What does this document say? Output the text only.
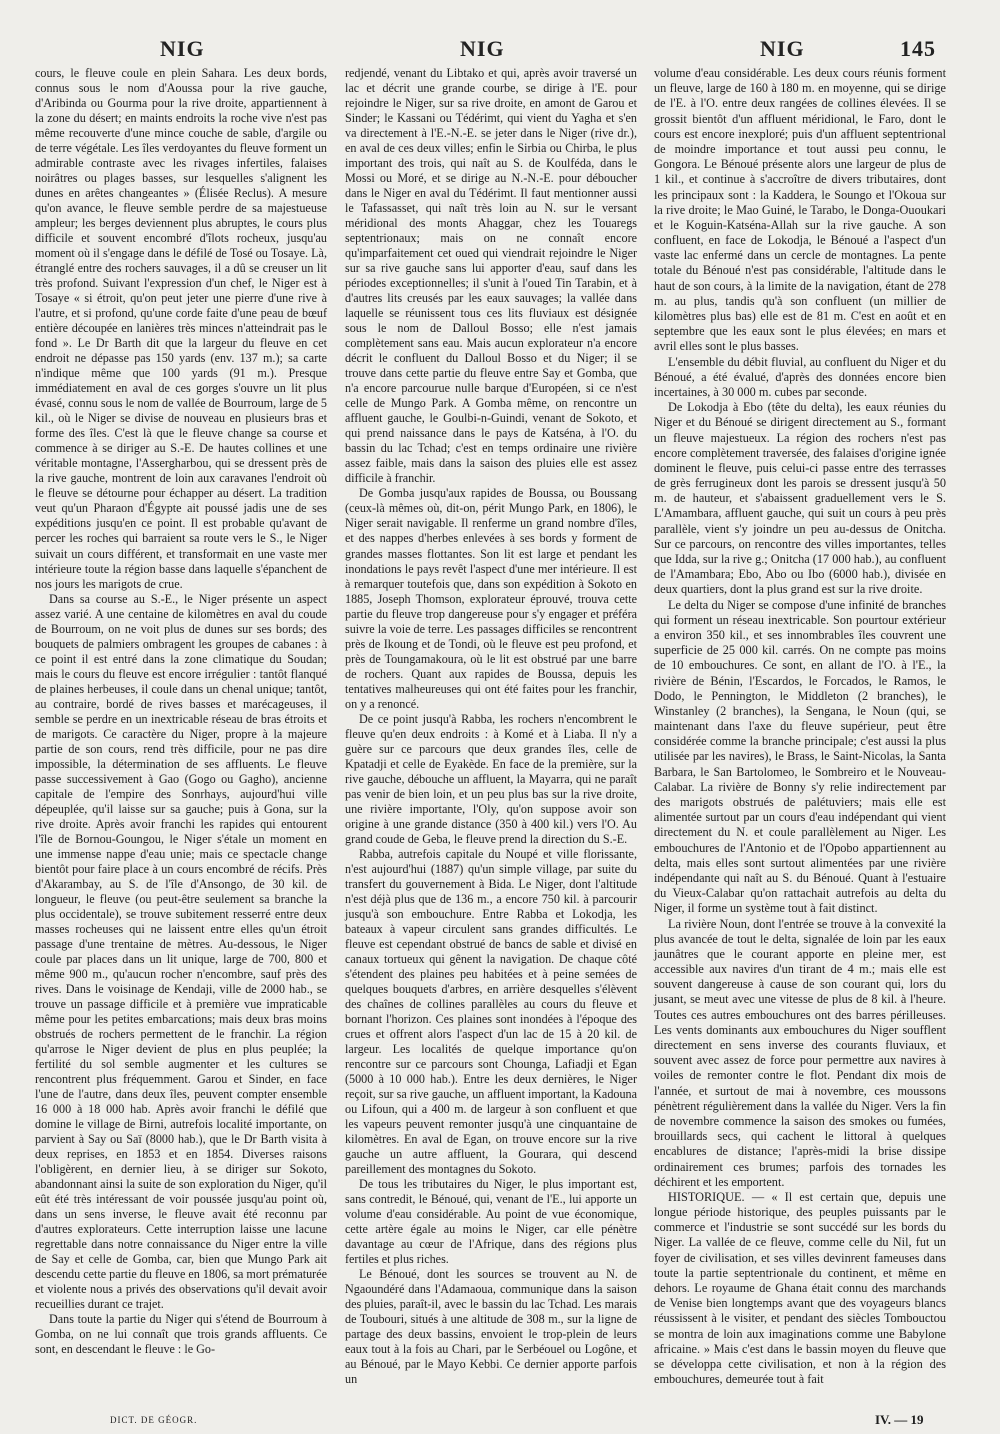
NIG	NIG	NIG	145

cours, le fleuve coule en plein Sahara. Les deux bords, connus sous le nom d'Aoussa pour la rive gauche, d'Aribinda ou Gourma pour la rive droite, appartiennent à la zone du désert; en maints endroits la roche vive n'est pas même recouverte d'une mince couche de sable, d'argile ou de terre végétale. Les îles verdoyantes du fleuve forment un admirable contraste avec les rivages infertiles, falaises noirâtres ou plages basses, sur lesquelles s'alignent les dunes en arêtes changeantes » (Élisée Reclus). A mesure qu'on avance, le fleuve semble perdre de sa majestueuse ampleur; les berges deviennent plus abruptes, le cours plus difficile et souvent encombré d'îlots rocheux, jusqu'au moment où il s'engage dans le défilé de Tosé ou Tosaye. Là, étranglé entre des rochers sauvages, il a dû se creuser un lit très profond. Suivant l'expression d'un chef, le Niger est à Tosaye « si étroit, qu'on peut jeter une pierre d'une rive à l'autre, et si profond, qu'une corde faite d'une peau de bœuf entière découpée en lanières très minces n'atteindrait pas le fond ». Le Dr Barth dit que la largeur du fleuve en cet endroit ne dépasse pas 150 yards (env. 137 m.); sa carte n'indique même que 100 yards (91 m.). Presque immédiatement en aval de ces gorges s'ouvre un lit plus évasé, connu sous le nom de vallée de Bourroum, large de 5 kil., où le Niger se divise de nouveau en plusieurs bras et forme des îles. C'est là que le fleuve change sa course et commence à se diriger au S.-E. De hautes collines et une véritable montagne, l'Assergharbou, qui se dressent près de la rive gauche, montrent de loin aux caravanes l'endroit où le fleuve se détourne pour échapper au désert. La tradition veut qu'un Pharaon d'Égypte ait poussé jadis une de ses expéditions jusqu'en ce point. Il est probable qu'avant de percer les roches qui barraient sa route vers le S., le Niger suivait un cours différent, et transformait en une vaste mer intérieure toute la région basse dans laquelle s'épanchent de nos jours les marigots de crue.

Dans sa course au S.-E., le Niger présente un aspect assez varié. A une centaine de kilomètres en aval du coude de Bourroum, on ne voit plus de dunes sur ses bords; des bouquets de palmiers ombragent les groupes de cabanes : à ce point il est entré dans la zone climatique du Soudan; mais le cours du fleuve est encore irrégulier : tantôt flanqué de plaines herbeuses, il coule dans un chenal unique; tantôt, au contraire, bordé de rives basses et marécageuses, il semble se perdre en un inextricable réseau de bras étroits et de marigots. Ce caractère du Niger, propre à la majeure partie de son cours, rend très difficile, pour ne pas dire impossible, la détermination de ses affluents. Le fleuve passe successivement à Gao (Gogo ou Gagho), ancienne capitale de l'empire des Sonrhays, aujourd'hui ville dépeuplée, qu'il laisse sur sa gauche; puis à Gona, sur la rive droite. Après avoir franchi les rapides qui entourent l'île de Bornou-Goungou, le Niger s'étale un moment en une immense nappe d'eau unie; mais ce spectacle change bientôt pour faire place à un cours encombré de récifs. Près d'Akarambay, au S. de l'île d'Ansongo, de 30 kil. de longueur, le fleuve (ou peut-être seulement sa branche la plus occidentale), se trouve subitement resserré entre deux masses rocheuses qui ne laissent entre elles qu'un étroit passage d'une trentaine de mètres. Au-dessous, le Niger coule par places dans un lit unique, large de 700, 800 et même 900 m., qu'aucun rocher n'encombre, sauf près des rives. Dans le voisinage de Kendaji, ville de 2000 hab., se trouve un passage difficile et à première vue impraticable même pour les petites embarcations; mais deux bras moins obstrués de rochers permettent de le franchir. La région qu'arrose le Niger devient de plus en plus peuplée; la fertilité du sol semble augmenter et les cultures se rencontrent plus fréquemment. Garou et Sinder, en face l'une de l'autre, dans deux îles, peuvent compter ensemble 16 000 à 18 000 hab. Après avoir franchi le défilé que domine le village de Birni, autrefois localité importante, on parvient à Say ou Saï (8000 hab.), que le Dr Barth visita à deux reprises, en 1853 et en 1854. Diverses raisons l'obligèrent, en dernier lieu, à se diriger sur Sokoto, abandonnant ainsi la suite de son exploration du Niger, qu'il eût été très intéressant de voir poussée jusqu'au point où, dans un sens inverse, le fleuve avait été reconnu par d'autres explorateurs. Cette interruption laisse une lacune regrettable dans notre connaissance du Niger entre la ville de Say et celle de Gomba, car, bien que Mungo Park ait descendu cette partie du fleuve en 1806, sa mort prématurée et violente nous a privés des observations qu'il devait avoir recueillies durant ce trajet.

Dans toute la partie du Niger qui s'étend de Bourroum à Gomba, on ne lui connaît que trois grands affluents. Ce sont, en descendant le fleuve : le Go-

redjendé, venant du Libtako et qui, après avoir traversé un lac et décrit une grande courbe, se dirige à l'E. pour rejoindre le Niger, sur sa rive droite, en amont de Garou et Sinder; le Kassani ou Tédérimt, qui vient du Yagha et s'en va directement à l'E.-N.-E. se jeter dans le Niger (rive dr.), en aval de ces deux villes; enfin le Sirbia ou Chirba, le plus important des trois, qui naît au S. de Koulféda, dans le Mossi ou Moré, et se dirige au N.-N.-E. pour déboucher dans le Niger en aval du Tédérimt. Il faut mentionner aussi le Tafassasset, qui naît très loin au N. sur le versant méridional des monts Ahaggar, chez les Touaregs septentrionaux; mais on ne connaît encore qu'imparfaitement cet oued qui viendrait rejoindre le Niger sur sa rive gauche sans lui apporter d'eau, sauf dans les périodes exceptionnelles; il s'unit à l'oued Tin Tarabin, et à d'autres lits creusés par les eaux sauvages; la vallée dans laquelle se réunissent tous ces lits fluviaux est désignée sous le nom de Dalloul Bosso; elle n'est jamais complètement sans eau. Mais aucun explorateur n'a encore décrit le confluent du Dalloul Bosso et du Niger; il se trouve dans cette partie du fleuve entre Say et Gomba, que n'a encore parcourue nulle barque d'Européen, si ce n'est celle de Mungo Park. A Gomba même, on rencontre un affluent gauche, le Goulbi-n-Guindi, venant de Sokoto, et qui prend naissance dans le pays de Katséna, à l'O. du bassin du lac Tchad; c'est en temps ordinaire une rivière assez faible, mais dans la saison des pluies elle est assez difficile à franchir.

De Gomba jusqu'aux rapides de Boussa, ou Boussang (ceux-là mêmes où, dit-on, périt Mungo Park, en 1806), le Niger serait navigable. Il renferme un grand nombre d'îles, et des nappes d'herbes enlevées à ses bords y forment de grandes masses flottantes. Son lit est large et pendant les inondations le pays revêt l'aspect d'une mer intérieure. Il est à remarquer toutefois que, dans son expédition à Sokoto en 1885, Joseph Thomson, explorateur éprouvé, trouva cette partie du fleuve trop dangereuse pour s'y engager et préféra suivre la voie de terre. Les passages difficiles se rencontrent près de Ikoung et de Tondi, où le fleuve est peu profond, et près de Toungamakoura, où le lit est obstrué par une barre de rochers. Quant aux rapides de Boussa, depuis les tentatives malheureuses qui ont été faites pour les franchir, on y a renoncé.

De ce point jusqu'à Rabba, les rochers n'encombrent le fleuve qu'en deux endroits : à Komé et à Liaba. Il n'y a guère sur ce parcours que deux grandes îles, celle de Kpatadji et celle de Eyakède. En face de la première, sur la rive gauche, débouche un affluent, la Mayarra, qui ne paraît pas venir de bien loin, et un peu plus bas sur la rive droite, une rivière importante, l'Oly, qu'on suppose avoir son origine à une grande distance (350 à 400 kil.) vers l'O. Au grand coude de Geba, le fleuve prend la direction du S.-E.

Rabba, autrefois capitale du Noupé et ville florissante, n'est aujourd'hui (1887) qu'un simple village, par suite du transfert du gouvernement à Bida. Le Niger, dont l'altitude n'est déjà plus que de 136 m., a encore 750 kil. à parcourir jusqu'à son embouchure. Entre Rabba et Lokodja, les bateaux à vapeur circulent sans grandes difficultés. Le fleuve est cependant obstrué de bancs de sable et divisé en canaux tortueux qui gênent la navigation. De chaque côté s'étendent des plaines peu habitées et à peine semées de quelques bouquets d'arbres, en arrière desquelles s'élèvent des chaînes de collines parallèles au cours du fleuve et bornant l'horizon. Ces plaines sont inondées à l'époque des crues et offrent alors l'aspect d'un lac de 15 à 20 kil. de largeur. Les localités de quelque importance qu'on rencontre sur ce parcours sont Chounga, Lafiadji et Egan (5000 à 10 000 hab.). Entre les deux dernières, le Niger reçoit, sur sa rive gauche, un affluent important, la Kadouna ou Lifoun, qui a 400 m. de largeur à son confluent et que les vapeurs peuvent remonter jusqu'à une cinquantaine de kilomètres. En aval de Egan, on trouve encore sur la rive gauche un autre affluent, la Gourara, qui descend pareillement des montagnes du Sokoto.

De tous les tributaires du Niger, le plus important est, sans contredit, le Bénoué, qui, venant de l'E., lui apporte un volume d'eau considérable. Au point de vue économique, cette artère égale au moins le Niger, car elle pénètre davantage au cœur de l'Afrique, dans des régions plus fertiles et plus riches.

Le Bénoué, dont les sources se trouvent au N. de Ngaoundéré dans l'Adamaoua, communique dans la saison des pluies, paraît-il, avec le bassin du lac Tchad. Les marais de Toubouri, situés à une altitude de 308 m., sur la ligne de partage des deux bassins, envoient le trop-plein de leurs eaux tout à la fois au Chari, par le Serbéouel ou Logône, et au Bénoué, par le Mayo Kebbi. Ce dernier apporte parfois un

volume d'eau considérable. Les deux cours réunis forment un fleuve, large de 160 à 180 m. en moyenne, qui se dirige de l'E. à l'O. entre deux rangées de collines élevées. Il se grossit bientôt d'un affluent méridional, le Faro, dont le cours est encore inexploré; puis d'un affluent septentrional de moindre importance et tout aussi peu connu, le Gongora. Le Bénoué présente alors une largeur de plus de 1 kil., et continue à s'accroître de divers tributaires, dont les principaux sont : la Kaddera, le Soungo et l'Okoua sur la rive droite; le Mao Guiné, le Tarabo, le Donga-Ououkari et le Koguin-Katséna-Allah sur la rive gauche. A son confluent, en face de Lokodja, le Bénoué a l'aspect d'un vaste lac enfermé dans un cercle de montagnes. La pente totale du Bénoué n'est pas considérable, l'altitude dans le haut de son cours, à la limite de la navigation, étant de 278 m. au plus, tandis qu'à son confluent (un millier de kilomètres plus bas) elle est de 81 m. C'est en août et en septembre que les eaux sont le plus élevées; en mars et avril elles sont le plus basses.

L'ensemble du débit fluvial, au confluent du Niger et du Bénoué, a été évalué, d'après des données encore bien incertaines, à 30 000 m. cubes par seconde.

De Lokodja à Ebo (tête du delta), les eaux réunies du Niger et du Bénoué se dirigent directement au S., formant un fleuve majestueux. La région des rochers n'est pas encore complètement traversée, des falaises d'origine ignée dominent le fleuve, puis celui-ci passe entre des terrasses de grès ferrugineux dont les parois se dressent jusqu'à 50 m. de hauteur, et s'abaissent graduellement vers le S. L'Amambara, affluent gauche, qui suit un cours à peu près parallèle, vient s'y joindre un peu au-dessus de Onitcha. Sur ce parcours, on rencontre des villes importantes, telles que Idda, sur la rive g.; Onitcha (17 000 hab.), au confluent de l'Amambara; Ebo, Abo ou Ibo (6000 hab.), divisée en deux quartiers, dont la plus grand est sur la rive droite.

Le delta du Niger se compose d'une infinité de branches qui forment un réseau inextricable. Son pourtour extérieur a environ 350 kil., et ses innombrables îles couvrent une superficie de 25 000 kil. carrés. On ne compte pas moins de 10 embouchures. Ce sont, en allant de l'O. à l'E., la rivière de Bénin, l'Escardos, le Forcados, le Ramos, le Dodo, le Pennington, le Middleton (2 branches), le Winstanley (2 branches), la Sengana, le Noun (qui, se maintenant dans l'axe du fleuve supérieur, peut être considérée comme la branche principale; c'est aussi la plus utilisée par les navires), le Brass, le Saint-Nicolas, la Santa Barbara, le San Bartolomeo, le Sombreiro et le Nouveau-Calabar. La rivière de Bonny s'y relie indirectement par des marigots obstrués de palétuviers; mais elle est alimentée surtout par un cours d'eau indépendant qui vient directement du N. et coule parallèlement au Niger. Les embouchures de l'Antonio et de l'Opobo appartiennent au delta, mais elles sont surtout alimentées par une rivière indépendante qui naît au S. du Bénoué. Quant à l'estuaire du Vieux-Calabar qu'on rattachait autrefois au delta du Niger, il forme un système tout à fait distinct.

La rivière Noun, dont l'entrée se trouve à la convexité la plus avancée de tout le delta, signalée de loin par les eaux jaunâtres que le courant apporte en pleine mer, est accessible aux navires d'un tirant de 4 m.; mais elle est souvent dangereuse à cause de son courant qui, lors du jusant, se meut avec une vitesse de plus de 8 kil. à l'heure. Toutes ces autres embouchures ont des barres périlleuses. Les vents dominants aux embouchures du Niger soufflent directement en sens inverse des courants fluviaux, et souvent avec assez de force pour permettre aux navires à voiles de remonter contre le flot. Pendant dix mois de l'année, et surtout de mai à novembre, ces moussons pénètrent régulièrement dans la vallée du Niger. Vers la fin de novembre commence la saison des smokes ou fumées, brouillards secs, qui cachent le littoral à quelques encablures de distance; l'après-midi la brise dissipe ordinairement ces brumes; parfois des tornades les déchirent et les emportent.

HISTORIQUE. — « Il est certain que, depuis une longue période historique, des peuples puissants par le commerce et l'industrie se sont succédé sur les bords du Niger. La vallée de ce fleuve, comme celle du Nil, fut un foyer de civilisation, et ses villes devinrent fameuses dans toute la partie septentrionale du continent, et même en dehors. Le royaume de Ghana était connu des marchands de Venise bien longtemps avant que des voyageurs blancs réussissent à le visiter, et pendant des siècles Tombouctou se montra de loin aux imaginations comme une Babylone africaine. » Mais c'est dans le bassin moyen du fleuve que se développa cette civilisation, et non à la région des embouchures, demeurée tout à fait

DICT. DE GÉOGR.	IV. — 19
